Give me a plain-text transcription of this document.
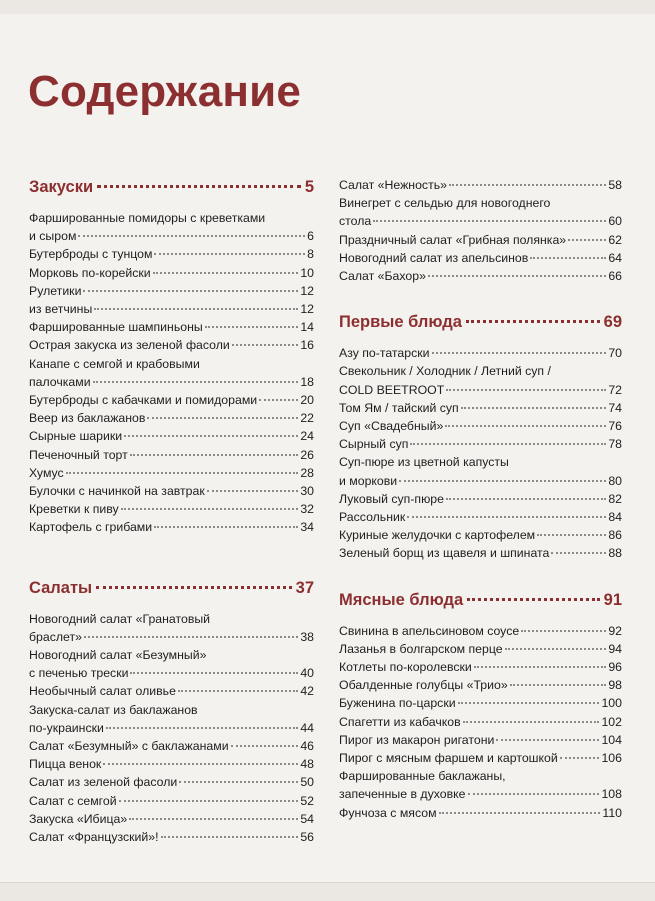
Содержание
Закуски	5
Фаршированные помидоры с креветками
и сыром	6
Бутерброды с тунцом	8
Морковь по-корейски	10
Рулетики	12
из ветчины	12
Фаршированные шампиньоны	14
Острая закуска из зеленой фасоли	16
Канапе с семгой и крабовыми
палочками	18
Бутерброды с кабачками и помидорами	20
Веер из баклажанов	22
Сырные шарики	24
Печеночный торт	26
Хумус	28
Булочки с начинкой на завтрак	30
Креветки к пиву	32
Картофель с грибами	34
Салаты	37
Новогодний салат «Гранатовый
браслет»	38
Новогодний салат «Безумный»
с печенью трески	40
Необычный салат оливье	42
Закуска-салат из баклажанов
по-украински	44
Салат «Безумный» с баклажанами	46
Пицца венок	48
Салат из зеленой фасоли	50
Салат с семгой	52
Закуска «Ибица»	54
Салат «Французский»!	56
Салат «Нежность»	58
Винегрет с сельдью для новогоднего
стола	60
Праздничный салат «Грибная полянка»	62
Новогодний салат из апельсинов	64
Салат «Бахор»	66
Первые блюда	69
Азу по-татарски	70
Свекольник / Холодник / Летний суп /
COLD BEETROOT	72
Том Ям / тайский суп	74
Суп «Свадебный»	76
Сырный суп	78
Суп-пюре из цветной капусты
и моркови	80
Луковый суп-пюре	82
Рассольник	84
Куриные желудочки с картофелем	86
Зеленый борщ из щавеля и шпината	88
Мясные блюда	91
Свинина в апельсиновом соусе	92
Лазанья в болгарском перце	94
Котлеты по-королевски	96
Обалденные голубцы «Трио»	98
Буженина по-царски	100
Спагетти из кабачков	102
Пирог из макарон ригатони	104
Пирог с мясным фаршем и картошкой	106
Фаршированные баклажаны,
запеченные в духовке	108
Фунчоза с мясом	110
